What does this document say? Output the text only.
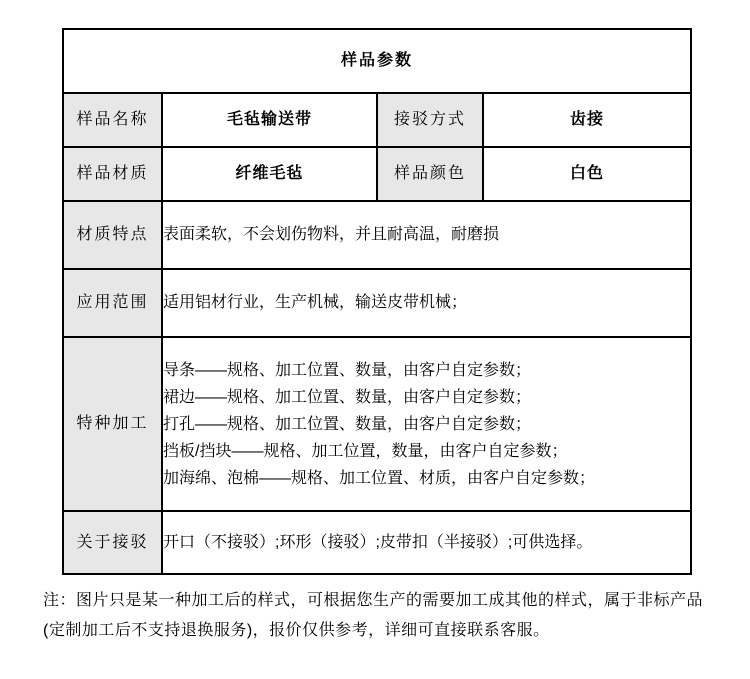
样品参数			
样品名称	毛毡输送带	接驳方式	齿接
样品材质	纤维毛毡	样品颜色	白色
材质特点	表面柔软，不会划伤物料，并且耐高温，耐磨损		
应用范围	适用铝材行业，生产机械，输送皮带机械；		
特种加工	导条——规格、加工位置、数量，由客户自定参数；
裙边——规格、加工位置、数量，由客户自定参数；
打孔——规格、加工位置、数量，由客户自定参数；
挡板/挡块——规格、加工位置，数量，由客户自定参数；
加海绵、泡棉——规格、加工位置、材质，由客户自定参数；		

关于接驳	开口（不接驳）;环形（接驳）;皮带扣（半接驳）;可供选择。		
注：图片只是某一种加工后的样式，可根据您生产的需要加工成其他的样式，属于非标产品(定制加工后不支持退换服务)，报价仅供参考，详细可直接联系客服。
